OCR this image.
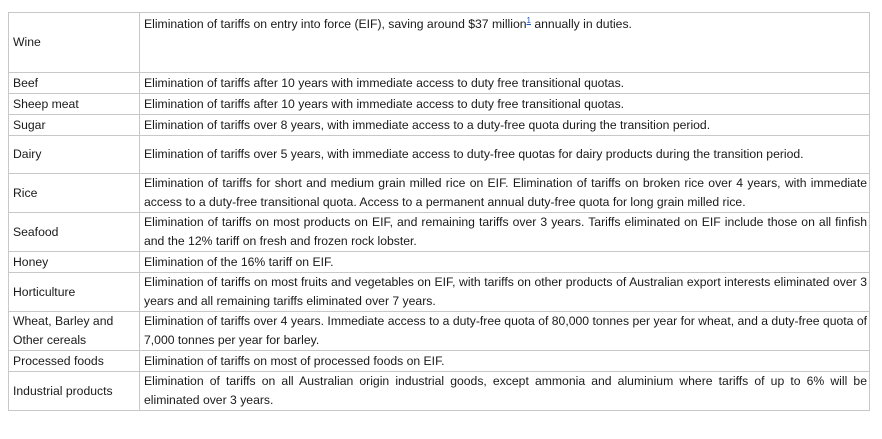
Wine	Elimination of tariffs on entry into force (EIF), saving around $37 million$^1$ annually in duties.
Beef	Elimination of tariffs after 10 years with immediate access to duty free transitional quotas.
Sheep meat	Elimination of tariffs after 10 years with immediate access to duty free transitional quotas.
Sugar	Elimination of tariffs over 8 years, with immediate access to a duty-free quota during the transition period.
Dairy	Elimination of tariffs over 5 years, with immediate access to duty-free quotas for dairy products during the transition period.
Rice	Elimination of tariffs for short and medium grain milled rice on EIF. Elimination of tariffs on broken rice over 4 years, with immediate access to a duty-free transitional quota. Access to a permanent annual duty-free quota for long grain milled rice.
Seafood	Elimination of tariffs on most products on EIF, and remaining tariffs over 3 years. Tariffs eliminated on EIF include those on all finfish and the 12% tariff on fresh and frozen rock lobster.
Honey	Elimination of the 16% tariff on EIF.
Horticulture	Elimination of tariffs on most fruits and vegetables on EIF, with tariffs on other products of Australian export interests eliminated over 3 years and all remaining tariffs eliminated over 7 years.
Wheat, Barley and Other cereals	Elimination of tariffs over 4 years. Immediate access to a duty-free quota of 80,000 tonnes per year for wheat, and a duty-free quota of 7,000 tonnes per year for barley.
Processed foods	Elimination of tariffs on most of processed foods on EIF.
Industrial products	Elimination of tariffs on all Australian origin industrial goods, except ammonia and aluminium where tariffs of up to 6% will be eliminated over 3 years.
